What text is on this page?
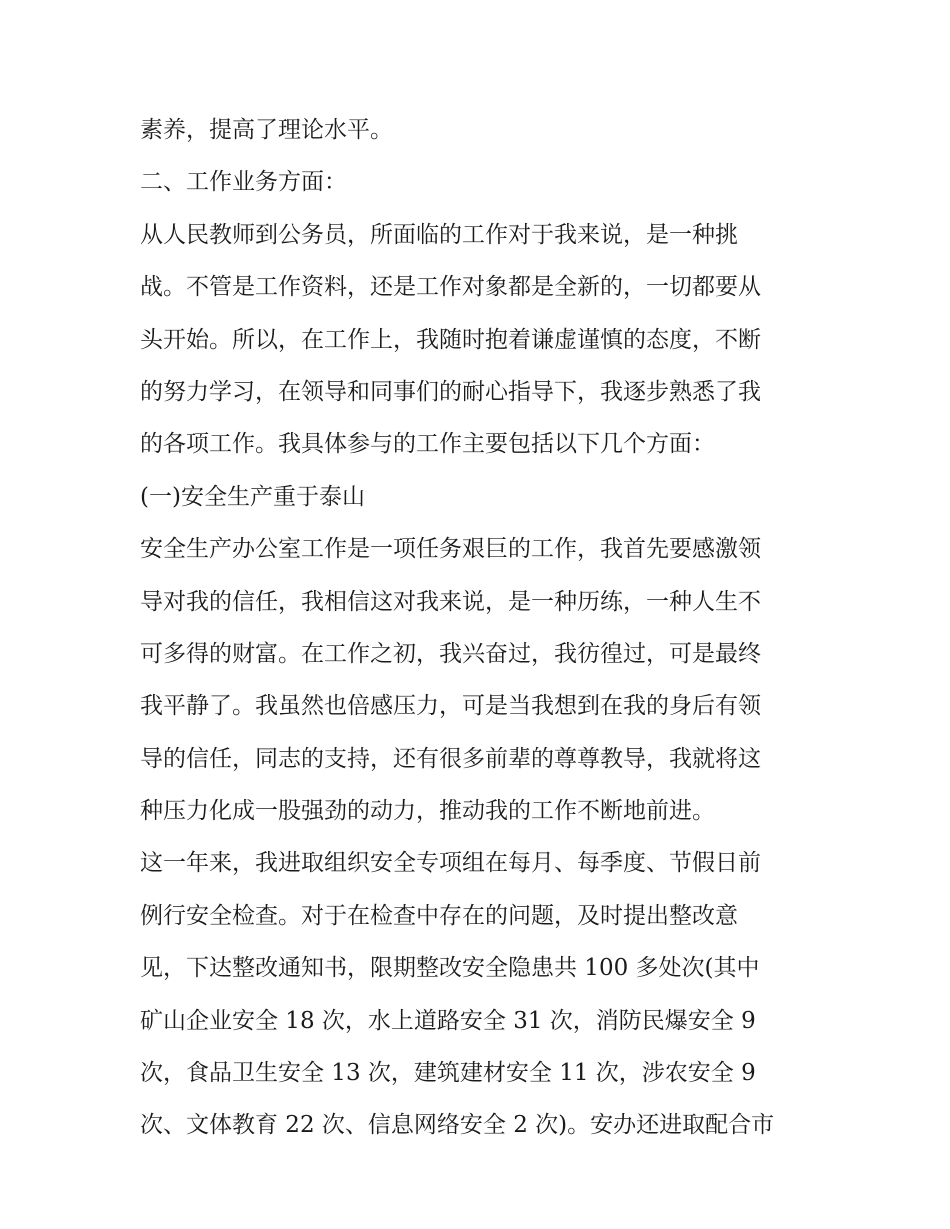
素养，提高了理论水平。
二、工作业务方面：
从人民教师到公务员，所面临的工作对于我来说，是一种挑
战。不管是工作资料，还是工作对象都是全新的，一切都要从
头开始。所以，在工作上，我随时抱着谦虚谨慎的态度，不断
的努力学习，在领导和同事们的耐心指导下，我逐步熟悉了我
的各项工作。我具体参与的工作主要包括以下几个方面：
(一)安全生产重于泰山
安全生产办公室工作是一项任务艰巨的工作，我首先要感激领
导对我的信任，我相信这对我来说，是一种历练，一种人生不
可多得的财富。在工作之初，我兴奋过，我彷徨过，可是最终
我平静了。我虽然也倍感压力，可是当我想到在我的身后有领
导的信任，同志的支持，还有很多前辈的尊尊教导，我就将这
种压力化成一股强劲的动力，推动我的工作不断地前进。
这一年来，我进取组织安全专项组在每月、每季度、节假日前
例行安全检查。对于在检查中存在的问题，及时提出整改意
见，下达整改通知书，限期整改安全隐患共 100 多处次(其中
矿山企业安全 18 次，水上道路安全 31 次，消防民爆安全 9
次，食品卫生安全 13 次，建筑建材安全 11 次，涉农安全 9
次、文体教育 22 次、信息网络安全 2 次)。安办还进取配合市
